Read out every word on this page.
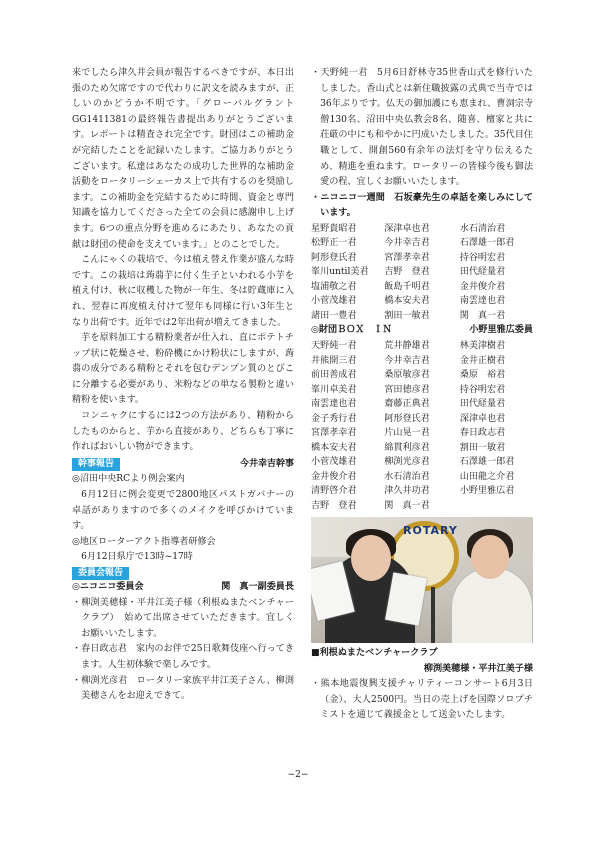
来でしたら津久井会員が報告するべきですが、本日出張のため欠席ですので代わりに訳文を読みますが、正しいのかどうか不明です。「グローバルグラントGG1411381の最終報告書提出ありがとうございます。レポートは精査され完全です。財団はこの補助金が完結したことを記録いたします。ご協力ありがとうございます。私達はあなたの成功した世界的な補助金活動をロータリーシェーカス上で共有するのを奨励します。この補助金を完結するために時間、資金と専門知識を協力してくださった全ての会員に感謝申し上げます。6つの重点分野を進めるにあたり、あなたの貢献は財団の使命を支えています。」とのことでした。

こんにゃくの栽培で、今は植え替え作業が盛んな時です。この栽培は蒟蒻芋に付く生子といわれる小芋を植え付け、秋に収穫した物が一年生、冬は貯蔵庫に入れ、翌春に再度植え付けて翌年も同様に行い3年生となり出荷です。近年では2年出荷が増えてきました。

芋を原料加工する精粉業者が仕入れ、直にポテトチップ状に乾燥させ、粉砕機にかけ粉状にしますが、蒟蒻の成分である精粉とそれを包むデンプン質のとびこに分離する必要があり、米粉などの単なる製粉と違い精粉を使います。

コンニャクにするには2つの方法があり、精粉からしたものからと、芋から直接があり、どちらも丁寧に作ればおいしい物ができます。

幹事報告	今井幸吉幹事

◎沼田中央RCより例会案内

6月12日に例会変更で2800地区パストガバナーの卓話がありますので多くのメイクを呼びかけています。

◎地区ローターアクト指導者研修会

6月12日県庁で13時~17時

委員会報告
◎ニコニコ委員会	関　真一副委員長

・柳渕美穂様・平井江美子様（利根ぬまたベンチャークラブ）　始めて出席させていただきます。宜しくお願いいたします。

・春日政志君　家内のお伴で25日歌舞伎座へ行ってきます。人生初体験で楽しみです。

・柳渕光彦君　ロータリー家族平井江美子さん、柳渕美穂さんをお迎えできて。

・天野純一君　5月6日舒林寺35世香山式を修行いたしました。香山式とは新住職披露の式典で当寺では36年ぶりです。仏天の御加護にも恵まれ、曹洞宗寺僧130名、沼田中央仏教会8名、随喜、檀家と共に荘厳の中にも和やかに円成いたしました。35代目住職として、開創560有余年の法灯を守り伝えるため、精進を重ねます。ロータリーの皆様今後も御法愛の程、宜しくお願いいたします。

・ニコニコ一週間　石坂豪先生の卓話を楽しみにしています。

星野貴昭君	深津卓也君	水石清治君
松野正一君	今井幸吉君	石澤雄一郎君
阿形登氏君	宮澤孝幸君	持谷明宏君
峯川until美君	吉野　登君	田代経量君
塩浦敬之君	飯島千明君	金井俊介君
小菅茂雄君	橋本安夫君	南雲達也君
諸田一豊君	割田一敏君	関　真一君
◎財団ＢＯＸ　ＩＮ	小野里雅広委員
天野純一君	荒井静雄君	林美津樹君
井熊開三君	今井幸吉君	金井正樹君
前田善成君	桑原敏彦君	桑原　裕君
峯川卓美君	宮田徳彦君	持谷明宏君
南雲達也君	齋藤正典君	田代経量君
金子秀行君	阿形登氏君	深津卓也君
宮澤孝幸君	片山晃一君	春日政志君
橋本安夫君	綿貫利彦君	割田一敏君
小菅茂雄君	柳渕光彦君	石澤雄一郎君
金井俊介君	水石清治君	山田龍之介君
清野啓介君	津久井功君	小野里雅広君
吉野　登君	関　真一君	
ROTARY

■利根ぬまたベンチャークラブ

柳渕美穂様・平井江美子様

・熊本地震復興支援チャリティーコンサート6月3日（金）、大人2500円。当日の売上げを国際ソロプチミストを通じて義援金として送金いたします。

−2−
